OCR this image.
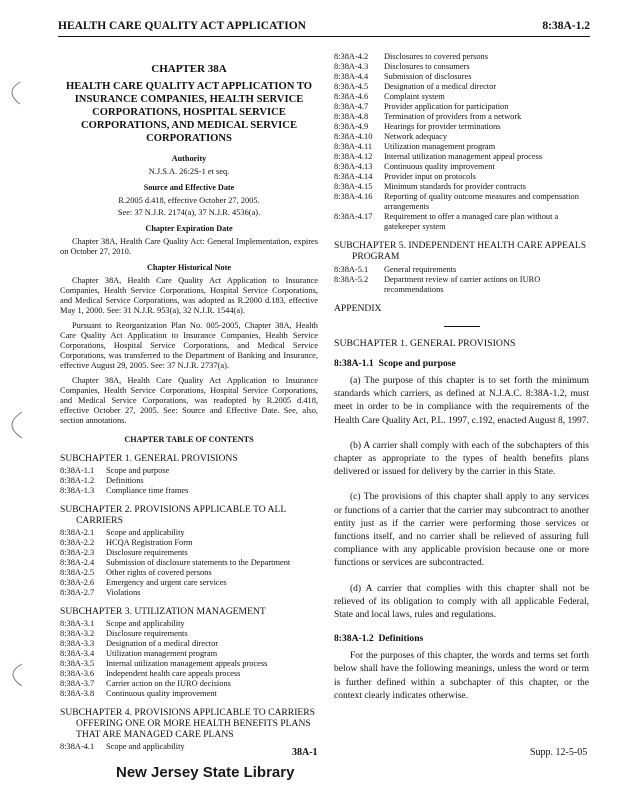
HEALTH CARE QUALITY ACT APPLICATION	8:38A-1.2
CHAPTER 38A
HEALTH CARE QUALITY ACT APPLICATION TO INSURANCE COMPANIES, HEALTH SERVICE CORPORATIONS, HOSPITAL SERVICE CORPORATIONS, AND MEDICAL SERVICE CORPORATIONS
Authority
N.J.S.A. 26:2S-1 et seq.
Source and Effective Date
R.2005 d.418, effective October 27, 2005.
See: 37 N.J.R. 2174(a), 37 N.J.R. 4536(a).
Chapter Expiration Date
Chapter 38A, Health Care Quality Act: General Implementation, expires on October 27, 2010.
Chapter Historical Note
Chapter 38A, Health Care Quality Act Application to Insurance Companies, Health Service Corporations, Hospital Service Corporations, and Medical Service Corporations, was adopted as R.2000 d.183, effective May 1, 2000. See: 31 N.J.R. 953(a), 32 N.J.R. 1544(a).
Pursuant to Reorganization Plan No. 005-2005, Chapter 38A, Health Care Quality Act Application to Insurance Companies, Health Service Corporations, Hospital Service Corporations, and Medical Service Corporations, was transferred to the Department of Banking and Insurance, effective August 29, 2005. See: 37 N.J.R. 2737(a).
Chapter 38A, Health Care Quality Act Application to Insurance Companies, Health Service Corporations, Hospital Service Corporations, and Medical Service Corporations, was readopted by R.2005 d.418, effective October 27, 2005. See: Source and Effective Date. See, also, section annotations.
CHAPTER TABLE OF CONTENTS
SUBCHAPTER 1. GENERAL PROVISIONS
8:38A-1.1	Scope and purpose
8:38A-1.2	Definitions
8:38A-1.3	Compliance time frames
SUBCHAPTER 2. PROVISIONS APPLICABLE TO ALL CARRIERS
8:38A-2.1	Scope and applicability
8:38A-2.2	HCQA Registration Form
8:38A-2.3	Disclosure requirements
8:38A-2.4	Submission of disclosure statements to the Department
8:38A-2.5	Other rights of covered persons
8:38A-2.6	Emergency and urgent care services
8:38A-2.7	Violations
SUBCHAPTER 3. UTILIZATION MANAGEMENT
8:38A-3.1	Scope and applicability
8:38A-3.2	Disclosure requirements
8:38A-3.3	Designation of a medical director
8:38A-3.4	Utilization management program
8:38A-3.5	Internal utilization management appeals process
8:38A-3.6	Independent health care appeals process
8:38A-3.7	Carrier action on the IURO decisions
8:38A-3.8	Continuous quality improvement
SUBCHAPTER 4. PROVISIONS APPLICABLE TO CARRIERS OFFERING ONE OR MORE HEALTH BENEFITS PLANS THAT ARE MANAGED CARE PLANS
8:38A-4.1	Scope and applicability
8:38A-4.2	Disclosures to covered persons
8:38A-4.3	Disclosures to consumers
8:38A-4.4	Submission of disclosures
8:38A-4.5	Designation of a medical director
8:38A-4.6	Complaint system
8:38A-4.7	Provider application for participation
8:38A-4.8	Termination of providers from a network
8:38A-4.9	Hearings for provider terminations
8:38A-4.10	Network adequacy
8:38A-4.11	Utilization management program
8:38A-4.12	Internal utilization management appeal process
8:38A-4.13	Continuous quality improvement
8:38A-4.14	Provider input on protocols
8:38A-4.15	Minimum standards for provider contracts
8:38A-4.16	Reporting of quality outcome measures and compensation arrangements
8:38A-4.17	Requirement to offer a managed care plan without a gatekeeper system
SUBCHAPTER 5. INDEPENDENT HEALTH CARE APPEALS PROGRAM
8:38A-5.1	General requirements
8:38A-5.2	Department review of carrier actions on IURO recommendations
APPENDIX
SUBCHAPTER 1. GENERAL PROVISIONS
8:38A-1.1 Scope and purpose
(a) The purpose of this chapter is to set forth the minimum standards which carriers, as defined at N.J.A.C. 8:38A-1.2, must meet in order to be in compliance with the requirements of the Health Care Quality Act, P.L. 1997, c.192, enacted August 8, 1997.
(b) A carrier shall comply with each of the subchapters of this chapter as appropriate to the types of health benefits plans delivered or issued for delivery by the carrier in this State.
(c) The provisions of this chapter shall apply to any services or functions of a carrier that the carrier may subcontract to another entity just as if the carrier were performing those services or functions itself, and no carrier shall be relieved of assuring full compliance with any applicable provision because one or more functions or services are subcontracted.
(d) A carrier that complies with this chapter shall not be relieved of its obligation to comply with all applicable Federal, State and local laws, rules and regulations.
8:38A-1.2 Definitions
For the purposes of this chapter, the words and terms set forth below shall have the following meanings, unless the word or term is further defined within a subchapter of this chapter, or the context clearly indicates otherwise.
38A-1	Supp. 12-5-05
New Jersey State Library
